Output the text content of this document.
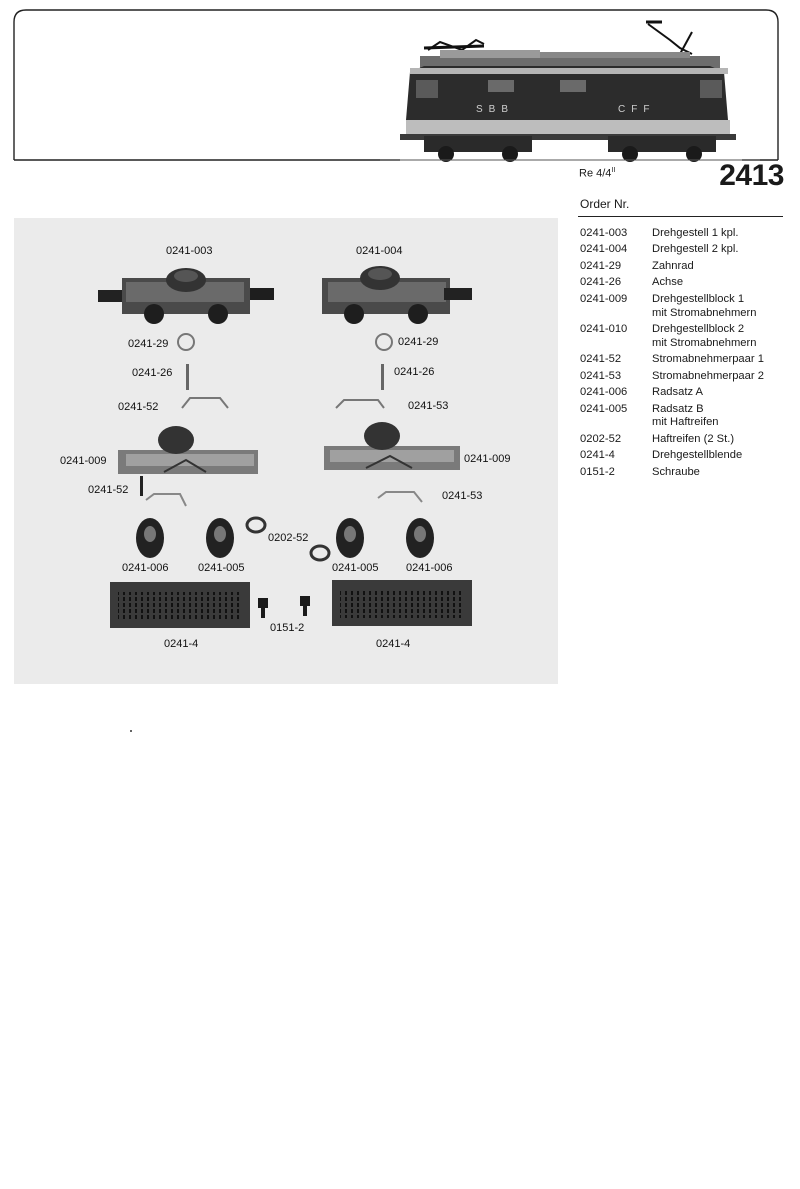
SBB	CFF
Re $4/4^{II}$	2413
Order Nr.
0241-003	Drehgestell 1 kpl.
0241-004	Drehgestell 2 kpl.
0241-29	Zahnrad
0241-26	Achse
0241-009	Drehgestellblock 1
mit Stromabnehmern
0241-010	Drehgestellblock 2
mit Stromabnehmern
0241-52	Stromabnehmerpaar 1
0241-53	Stromabnehmerpaar 2
0241-006	Radsatz A
0241-005	Radsatz B
mit Haftreifen
0202-52	Haftreifen (2 St.)
0241-4	Drehgestellblende
0151-2	Schraube
0241-003	0241-004
0241-29	0241-29
0241-26	0241-26
0241-52	0241-53
0241-009	0241-009
0241-52	0241-53
0202-52
0241-006	0241-005	0241-005	0241-006
0151-2
0241-4	0241-4
